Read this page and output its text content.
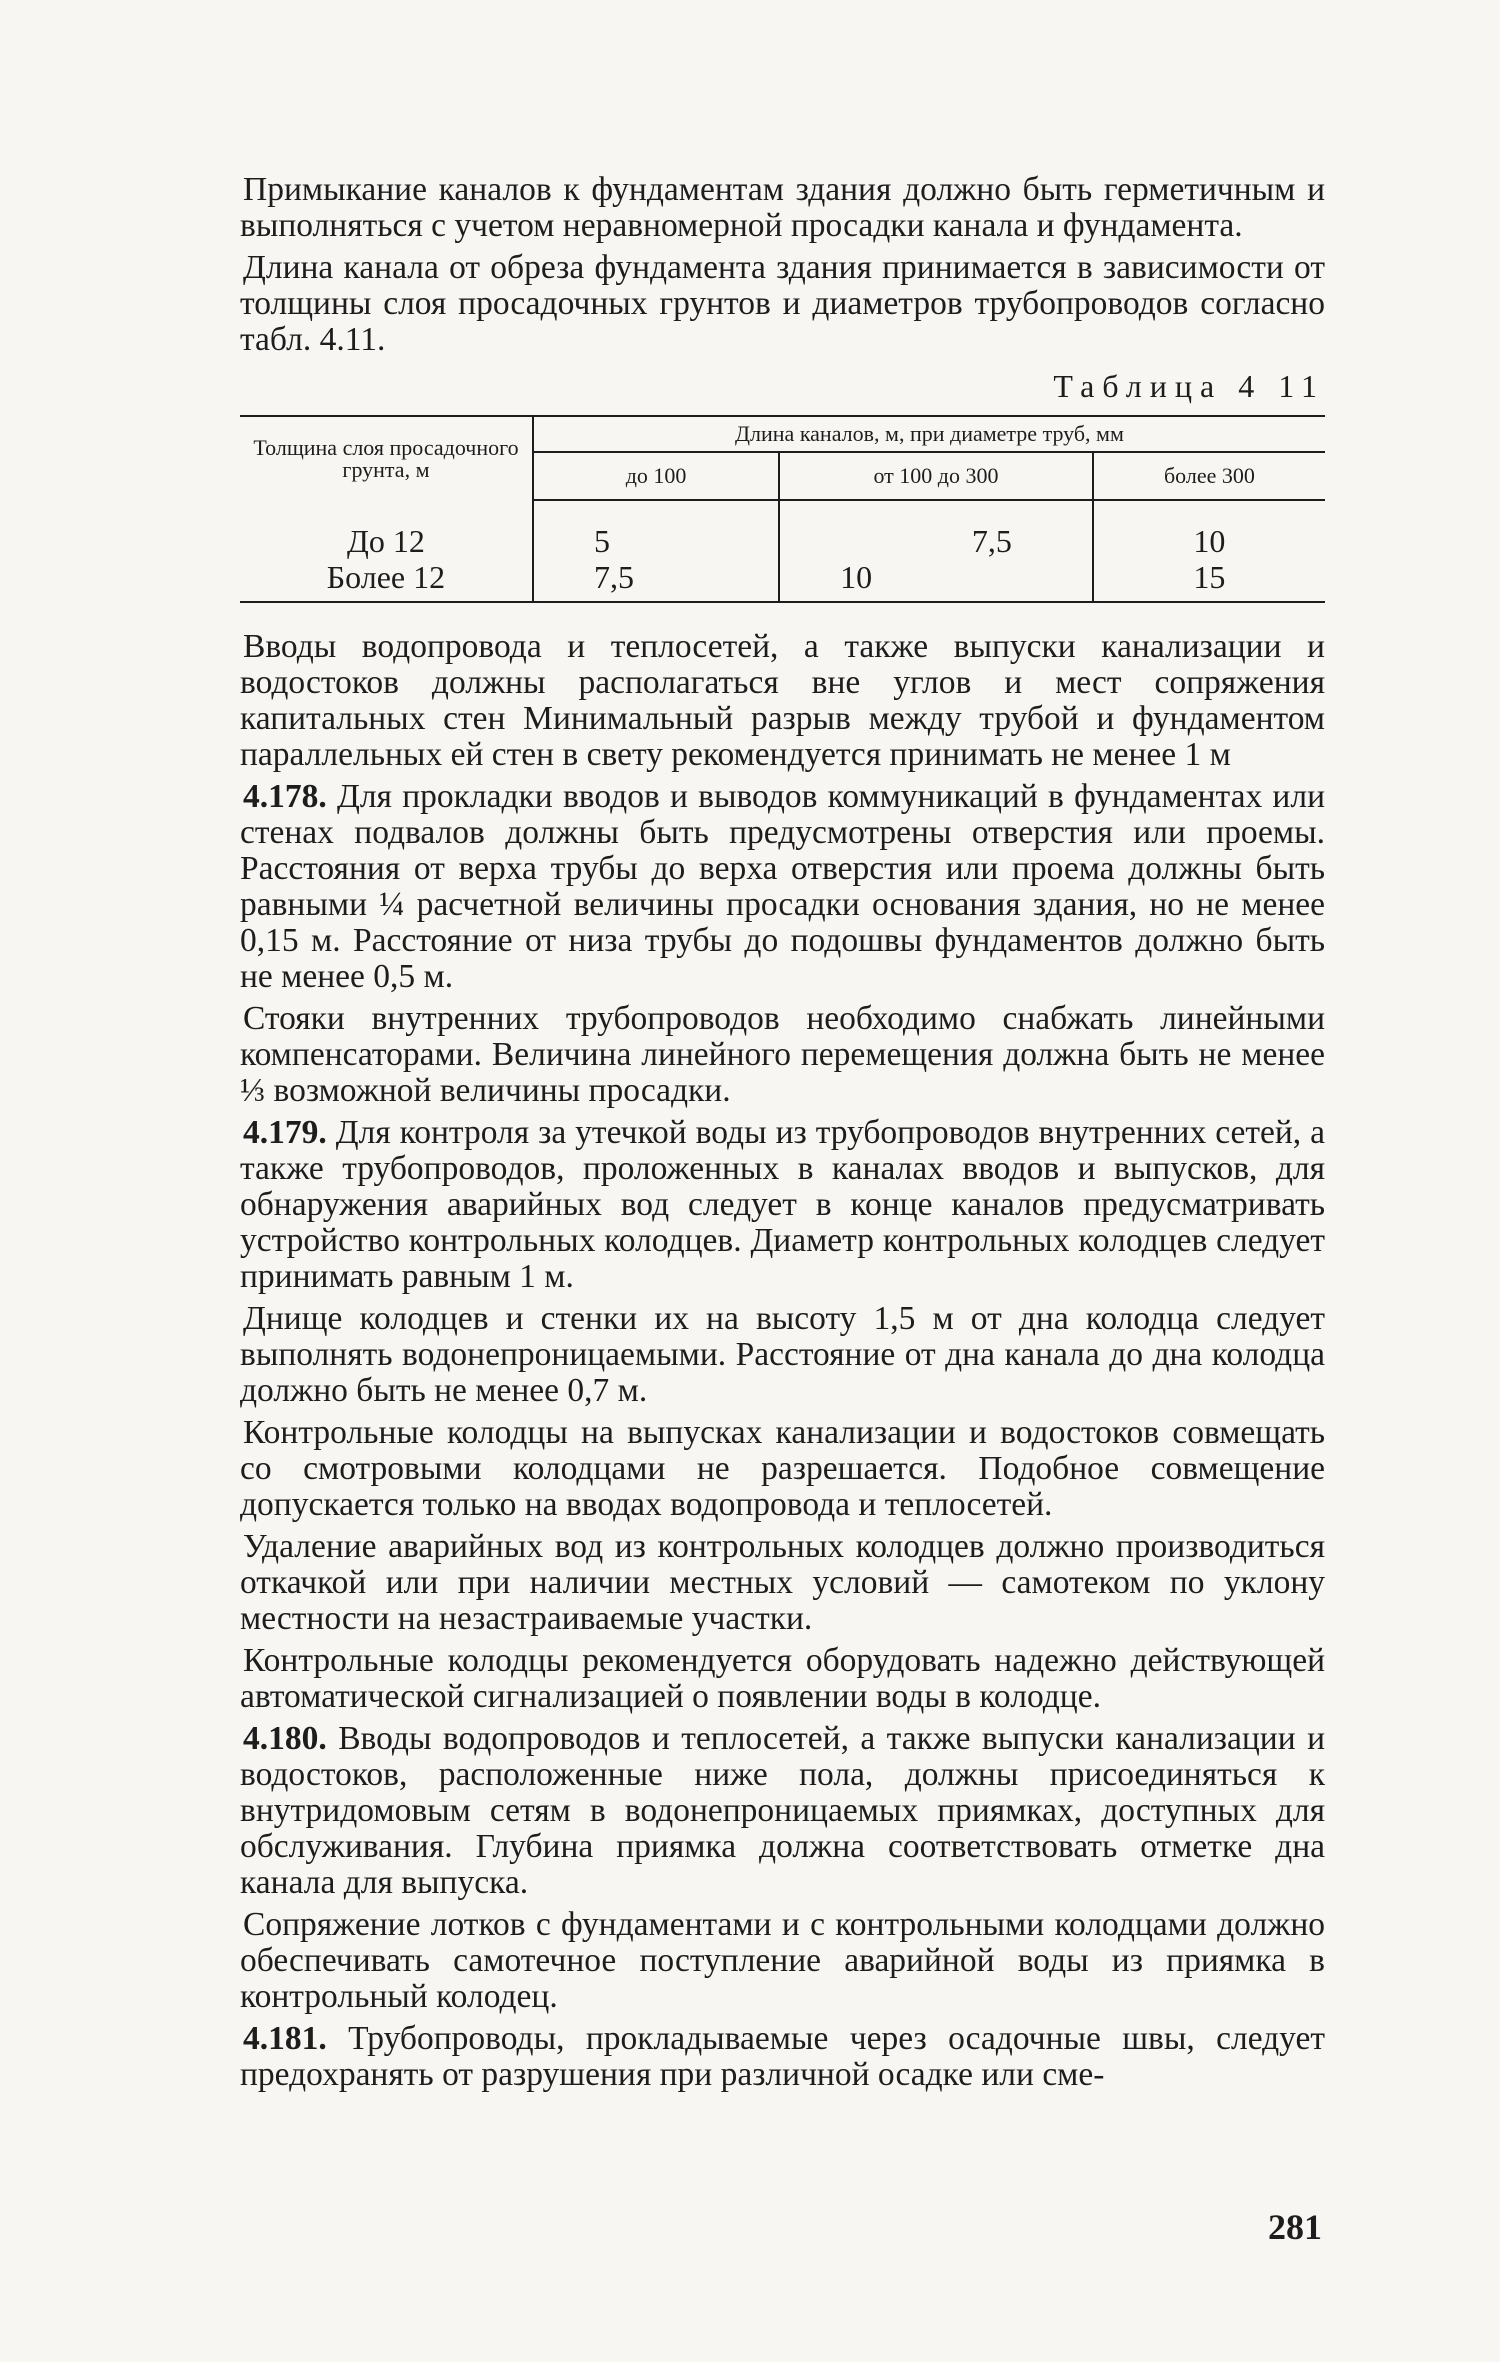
Примыкание каналов к фундаментам здания должно быть герметичным и выполняться с учетом неравномерной просадки канала и фундамента.

Длина канала от обреза фундамента здания принимается в зависимости от толщины слоя просадочных грунтов и диаметров трубопроводов согласно табл. 4.11.

Таблица 4 11
Толщина слоя просадочного грунта, м	Длина каналов, м, при диаметре труб, мм		
	до 100	от 100 до 300	более 300
До 12	5	7,5	10
Более 12	7,5	10	15

Вводы водопровода и теплосетей, а также выпуски канализации и водостоков должны располагаться вне углов и мест сопряжения капитальных стен Минимальный разрыв между трубой и фундаментом параллельных ей стен в свету рекомендуется принимать не менее 1 м

4.178. Для прокладки вводов и выводов коммуникаций в фундаментах или стенах подвалов должны быть предусмотрены отверстия или проемы. Расстояния от верха трубы до верха отверстия или проема должны быть равными ¼ расчетной величины просадки основания здания, но не менее 0,15 м. Расстояние от низа трубы до подошвы фундаментов должно быть не менее 0,5 м.

Стояки внутренних трубопроводов необходимо снабжать линейными компенсаторами. Величина линейного перемещения должна быть не менее ⅓ возможной величины просадки.

4.179. Для контроля за утечкой воды из трубопроводов внутренних сетей, а также трубопроводов, проложенных в каналах вводов и выпусков, для обнаружения аварийных вод следует в конце каналов предусматривать устройство контрольных колодцев. Диаметр контрольных колодцев следует принимать равным 1 м.

Днище колодцев и стенки их на высоту 1,5 м от дна колодца следует выполнять водонепроницаемыми. Расстояние от дна канала до дна колодца должно быть не менее 0,7 м.

Контрольные колодцы на выпусках канализации и водостоков совмещать со смотровыми колодцами не разрешается. Подобное совмещение допускается только на вводах водопровода и теплосетей.

Удаление аварийных вод из контрольных колодцев должно производиться откачкой или при наличии местных условий — самотеком по уклону местности на незастраиваемые участки.

Контрольные колодцы рекомендуется оборудовать надежно действующей автоматической сигнализацией о появлении воды в колодце.

4.180. Вводы водопроводов и теплосетей, а также выпуски канализации и водостоков, расположенные ниже пола, должны присоединяться к внутридомовым сетям в водонепроницаемых приямках, доступных для обслуживания. Глубина приямка должна соответствовать отметке дна канала для выпуска.

Сопряжение лотков с фундаментами и с контрольными колодцами должно обеспечивать самотечное поступление аварийной воды из приямка в контрольный колодец.

4.181. Трубопроводы, прокладываемые через осадочные швы, следует предохранять от разрушения при различной осадке или сме-

281
